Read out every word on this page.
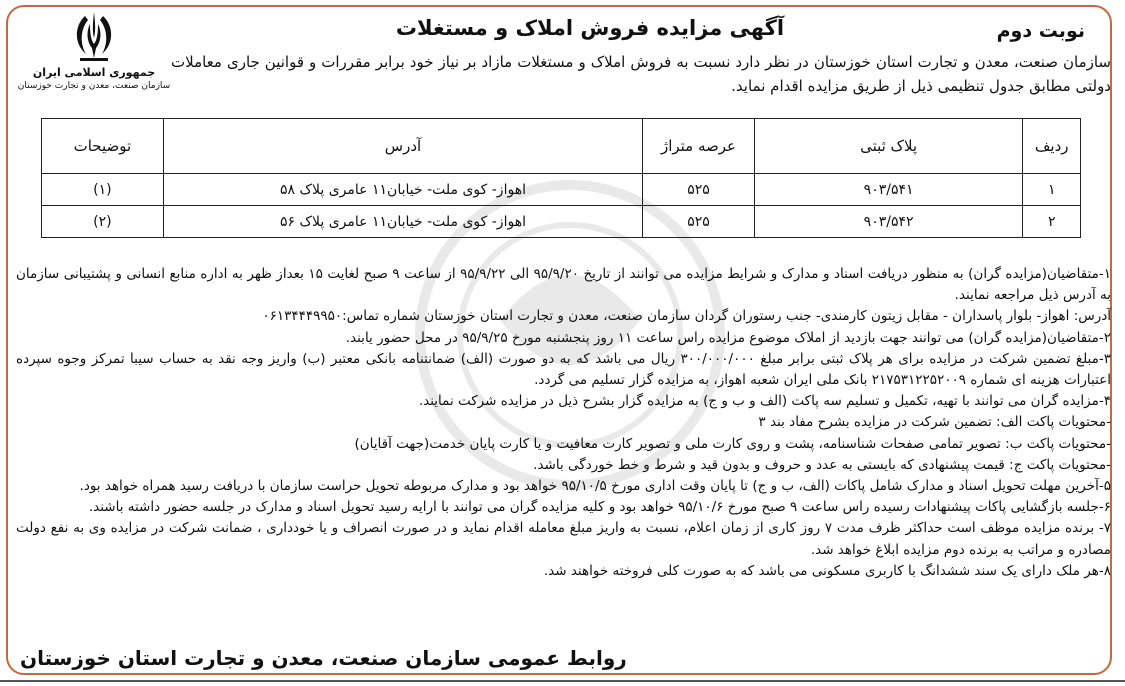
جمهوری اسلامی ایران
سازمان صنعت، معدن و تجارت خوزستان
نوبت دوم
آگهی مزایده فروش املاک و مستغلات
سازمان صنعت، معدن و تجارت استان خوزستان در نظر دارد نسبت به فروش املاک و مستغلات مازاد بر نیاز خود برابر مقررات و قوانین جاری معاملات دولتی مطابق جدول تنظیمی ذیل از طریق مزایده اقدام نماید.
ردیف	پلاک ثبتی	عرصه متراژ	آدرس	توضیحات
۱	۹۰۳/۵۴۱	۵۲۵	اهواز- کوی ملت- خیابان۱۱ عامری پلاک ۵۸	(۱)
۲	۹۰۳/۵۴۲	۵۲۵	اهواز- کوی ملت- خیابان۱۱ عامری پلاک ۵۶	(۲)

۱-متقاضیان(مزایده گران) به منظور دریافت اسناد و مدارک و شرایط مزایده می توانند از تاریخ ۹۵/۹/۲۰ الی ۹۵/۹/۲۲ از ساعت ۹ صبح لغایت ۱۵ بعداز ظهر به اداره منابع انسانی و پشتیبانی سازمان به آدرس ذیل مراجعه نمایند.

آدرس: اهواز- بلوار پاسداران - مقابل زیتون کارمندی- جنب رستوران گردان سازمان صنعت، معدن و تجارت استان خوزستان شماره تماس:۰۶۱۳۴۴۴۹۹۵۰

۲-متقاضیان(مزایده گران) می توانند جهت بازدید از املاک موضوع مزایده راس ساعت ۱۱ روز پنجشنبه مورخ ۹۵/۹/۲۵ در محل حضور یابند.

۳-مبلغ تضمین شرکت در مزایده برای هر پلاک ثبتی برابر مبلغ ۳۰۰/۰۰۰/۰۰۰ ریال می باشد که به دو صورت (الف) ضمانتنامه بانکی معتبر (ب) واریز وجه نقد به حساب سیبا تمرکز وجوه سپرده اعتبارات هزینه ای شماره ۲۱۷۵۳۱۲۲۵۲۰۰۹ بانک ملی ایران شعبه اهواز، به مزایده گزار تسلیم می گردد.

۴-مزایده گران می توانند با تهیه، تکمیل و تسلیم سه پاکت (الف و ب و ج) به مزایده گزار بشرح ذیل در مزایده شرکت نمایند.

-محتویات پاکت الف: تضمین شرکت در مزایده بشرح مفاد بند ۳

-محتویات پاکت ب: تصویر تمامی صفحات شناسنامه، پشت و روی کارت ملی و تصویر کارت معافیت و یا کارت پایان خدمت(جهت آقایان)

-محتویات پاکت ج: قیمت پیشنهادی که بایستی به عدد و حروف و بدون قید و شرط و خط خوردگی باشد.

۵-آخرین مهلت تحویل اسناد و مدارک شامل پاکات (الف، ب و ج) تا پایان وقت اداری مورخ ۹۵/۱۰/۵ خواهد بود و مدارک مربوطه تحویل حراست سازمان با دریافت رسید همراه خواهد بود.

۶-جلسه بازگشایی پاکات پیشنهادات رسیده راس ساعت ۹ صبح مورخ ۹۵/۱۰/۶ خواهد بود و کلیه مزایده گران می توانند با ارایه رسید تحویل اسناد و مدارک در جلسه حضور داشته باشند.

۷- برنده مزایده موظف است حداکثر ظرف مدت ۷ روز کاری از زمان اعلام، نسبت به واریز مبلغ معامله اقدام نماید و در صورت انصراف و یا خودداری ، ضمانت شرکت در مزایده وی به نفع دولت مصادره و مراتب به برنده دوم مزایده ابلاغ خواهد شد.

۸-هر ملک دارای یک سند ششدانگ با کاربری مسکونی می باشد که به صورت کلی فروخته خواهند شد.

روابط عمومی سازمان صنعت، معدن و تجارت استان خوزستان
